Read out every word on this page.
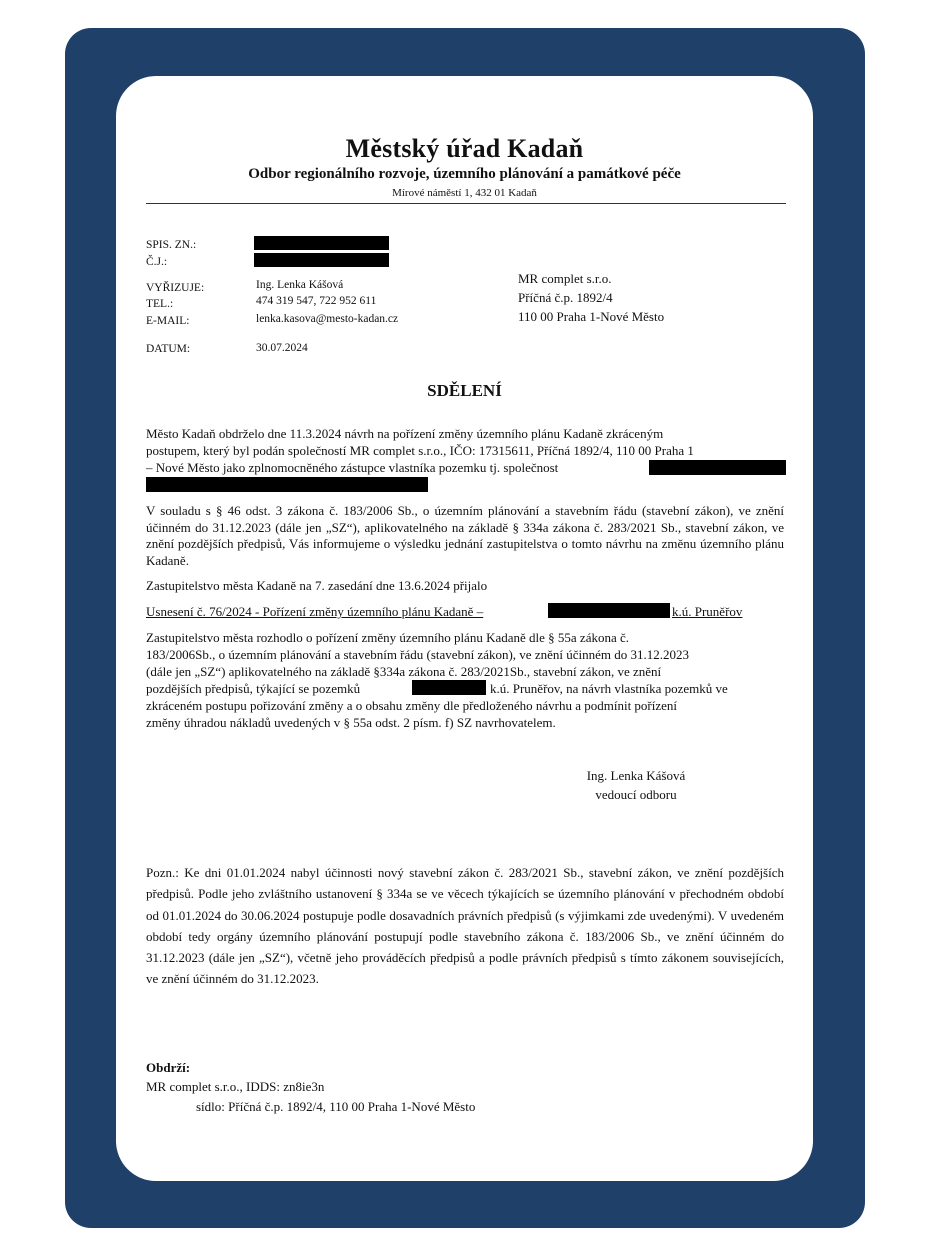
Městský úřad Kadaň
Odbor regionálního rozvoje, územního plánování a památkové péče
Mírové náměstí 1, 432 01 Kadaň
SPIS. ZN.:
Č.J.:
VYŘIZUJE:	Ing. Lenka Kášová
TEL.:	474 319 547, 722 952 611
E-MAIL:	lenka.kasova@mesto-kadan.cz
DATUM:	30.07.2024
MR complet s.r.o.
Příčná č.p. 1892/4
110 00 Praha 1-Nové Město
SDĚLENÍ
Město Kadaň obdrželo dne 11.3.2024 návrh na pořízení změny územního plánu Kadaně zkráceným
postupem, který byl podán společností MR complet s.r.o., IČO: 17315611, Příčná 1892/4, 110 00 Praha 1
– Nové Město jako zplnomocněného zástupce vlastníka pozemku tj. společnost
V souladu s § 46 odst. 3 zákona č. 183/2006 Sb., o územním plánování a stavebním řádu (stavební zákon), ve znění účinném do 31.12.2023 (dále jen „SZ“), aplikovatelného na základě § 334a zákona č. 283/2021 Sb., stavební zákon, ve znění pozdějších předpisů, Vás informujeme o výsledku jednání zastupitelstva o tomto návrhu na změnu územního plánu Kadaně.
Zastupitelstvo města Kadaně na 7. zasedání dne 13.6.2024 přijalo
Usnesení č. 76/2024 - Pořízení změny územního plánu Kadaně –	k.ú. Pruněřov
Zastupitelstvo města rozhodlo o pořízení změny územního plánu Kadaně dle § 55a zákona č.
183/2006Sb., o územním plánování a stavebním řádu (stavební zákon), ve znění účinném do 31.12.2023
(dále jen „SZ“) aplikovatelného na základě §334a zákona č. 283/2021Sb., stavební zákon, ve znění
pozdějších předpisů, týkající se pozemků	k.ú. Pruněřov, na návrh vlastníka pozemků ve
zkráceném postupu pořizování změny a o obsahu změny dle předloženého návrhu a podmínit pořízení
změny úhradou nákladů uvedených v § 55a odst. 2 písm. f) SZ navrhovatelem.
Ing. Lenka Kášová
vedoucí odboru
Pozn.: Ke dni 01.01.2024 nabyl účinnosti nový stavební zákon č. 283/2021 Sb., stavební zákon, ve znění pozdějších předpisů. Podle jeho zvláštního ustanovení § 334a se ve věcech týkajících se územního plánování v přechodném období od 01.01.2024 do 30.06.2024 postupuje podle dosavadních právních předpisů (s výjimkami zde uvedenými). V uvedeném období tedy orgány územního plánování postupují podle stavebního zákona č. 183/2006 Sb., ve znění účinném do 31.12.2023 (dále jen „SZ“), včetně jeho prováděcích předpisů a podle právních předpisů s tímto zákonem souvisejících, ve znění účinném do 31.12.2023.
Obdrží:
MR complet s.r.o., IDDS: zn8ie3n
sídlo: Příčná č.p. 1892/4, 110 00 Praha 1-Nové Město
